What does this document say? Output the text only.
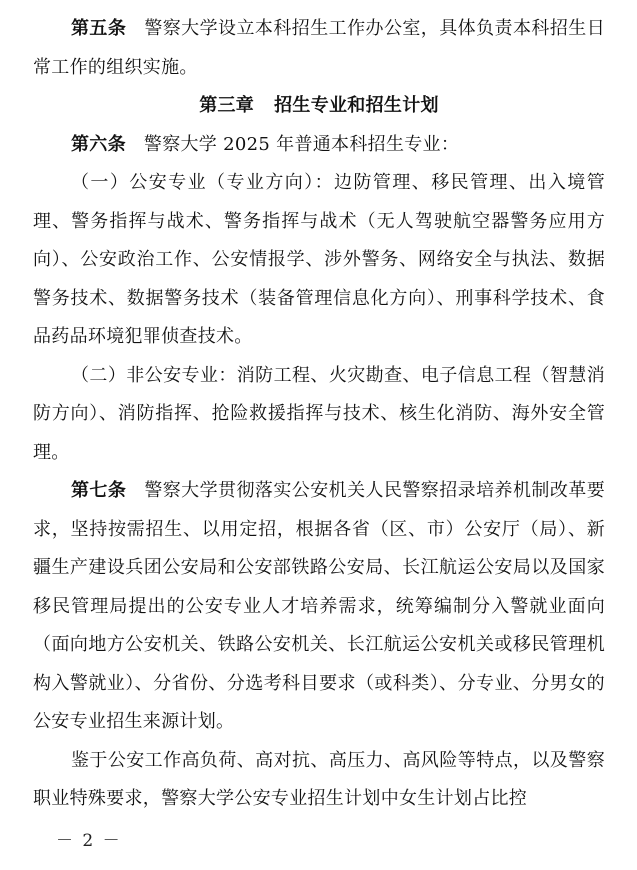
第五条 警察大学设立本科招生工作办公室，具体负责本科招生日常工作的组织实施。

第三章 招生专业和招生计划

第六条 警察大学 2025 年普通本科招生专业：

（一）公安专业（专业方向）：边防管理、移民管理、出入境管理、警务指挥与战术、警务指挥与战术（无人驾驶航空器警务应用方向）、公安政治工作、公安情报学、涉外警务、网络安全与执法、数据警务技术、数据警务技术（装备管理信息化方向）、刑事科学技术、食品药品环境犯罪侦查技术。

（二）非公安专业：消防工程、火灾勘查、电子信息工程（智慧消防方向）、消防指挥、抢险救援指挥与技术、核生化消防、海外安全管理。

第七条 警察大学贯彻落实公安机关人民警察招录培养机制改革要求，坚持按需招生、以用定招，根据各省（区、市）公安厅（局）、新疆生产建设兵团公安局和公安部铁路公安局、长江航运公安局以及国家移民管理局提出的公安专业人才培养需求，统筹编制分入警就业面向（面向地方公安机关、铁路公安机关、长江航运公安机关或移民管理机构入警就业）、分省份、分选考科目要求（或科类）、分专业、分男女的公安专业招生来源计划。

鉴于公安工作高负荷、高对抗、高压力、高风险等特点，以及警察职业特殊要求，警察大学公安专业招生计划中女生计划占比控

－ 2 －
